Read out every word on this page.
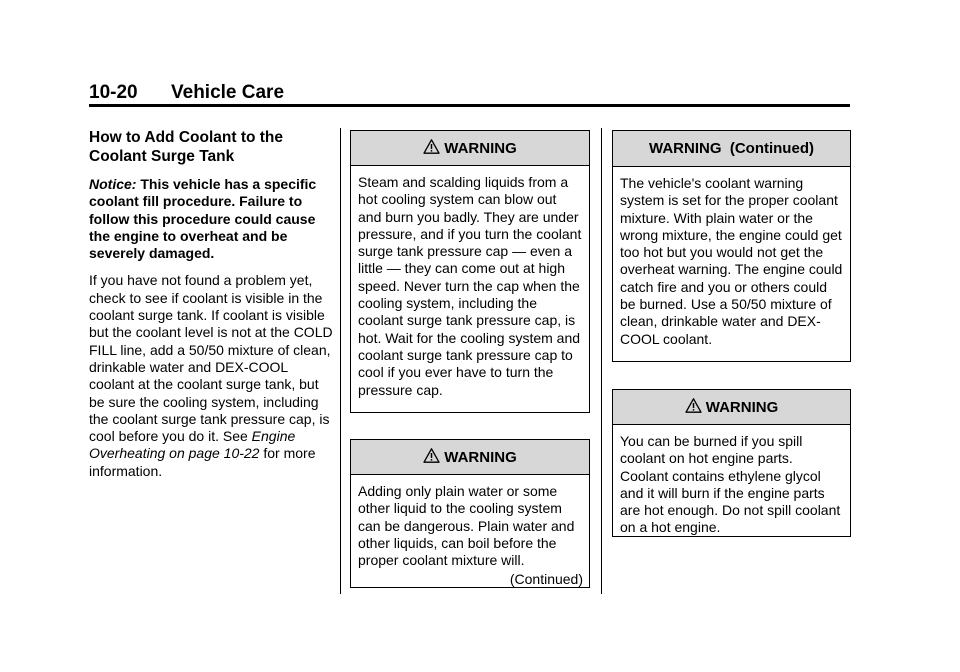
10-20 Vehicle Care
How to Add Coolant to the Coolant Surge Tank
Notice: This vehicle has a specific coolant fill procedure. Failure to follow this procedure could cause the engine to overheat and be severely damaged.
If you have not found a problem yet, check to see if coolant is visible in the coolant surge tank. If coolant is visible but the coolant level is not at the COLD FILL line, add a 50/50 mixture of clean, drinkable water and DEX-COOL coolant at the coolant surge tank, but be sure the cooling system, including the coolant surge tank pressure cap, is cool before you do it. See Engine Overheating on page 10-22 for more information.
WARNING
Steam and scalding liquids from a hot cooling system can blow out and burn you badly. They are under pressure, and if you turn the coolant surge tank pressure cap — even a little — they can come out at high speed. Never turn the cap when the cooling system, including the coolant surge tank pressure cap, is hot. Wait for the cooling system and coolant surge tank pressure cap to cool if you ever have to turn the pressure cap.
WARNING
Adding only plain water or some other liquid to the cooling system can be dangerous. Plain water and other liquids, can boil before the proper coolant mixture will.
(Continued)
WARNING  (Continued)
The vehicle's coolant warning system is set for the proper coolant mixture. With plain water or the wrong mixture, the engine could get too hot but you would not get the overheat warning. The engine could catch fire and you or others could be burned. Use a 50/50 mixture of clean, drinkable water and DEX-COOL coolant.
WARNING
You can be burned if you spill coolant on hot engine parts. Coolant contains ethylene glycol and it will burn if the engine parts are hot enough. Do not spill coolant on a hot engine.
